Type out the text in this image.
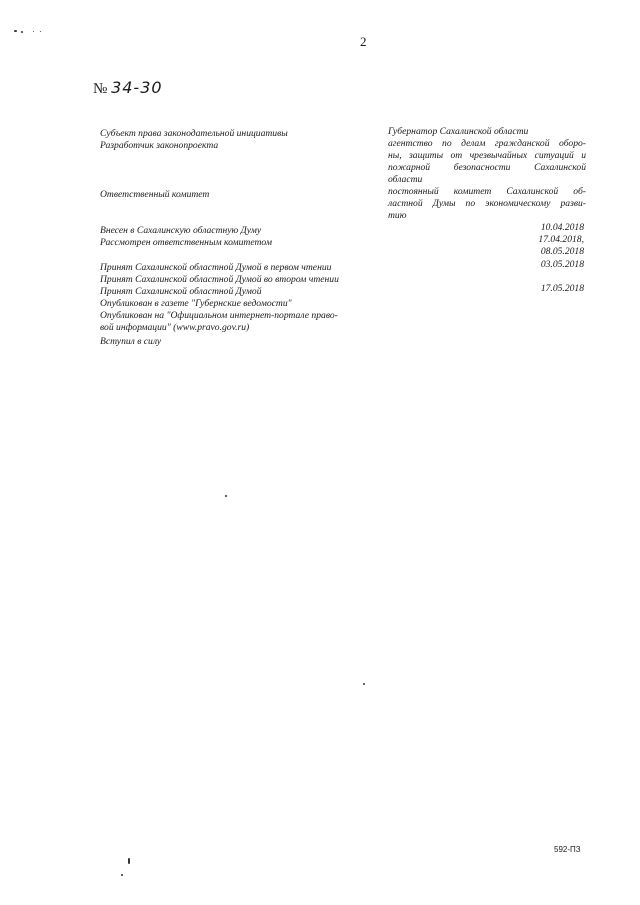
2
№ 34-30
Субъект права законодательной инициативы
Разработчик законопроекта
Ответственный комитет
Внесен в Сахалинскую областную Думу
Рассмотрен ответственным комитетом
Принят Сахалинской областной Думой в первом чтении
Принят Сахалинской областной Думой во втором чтении
Принят Сахалинской областной Думой
Опубликован в газете "Губернские ведомости"
Опубликован на "Официальном интернет-портале право-
вой информации" (www.pravo.gov.ru)
Вступил в силу
Губернатор Сахалинской области
агентство по делам гражданской оборо-
ны, защиты от чрезвычайных ситуаций и
пожарной безопасности Сахалинской
области
постоянный комитет Сахалинской об-
ластной Думы по экономическому разви-
тию
10.04.2018
17.04.2018,
08.05.2018
03.05.2018
17.05.2018
592-ПЗ
